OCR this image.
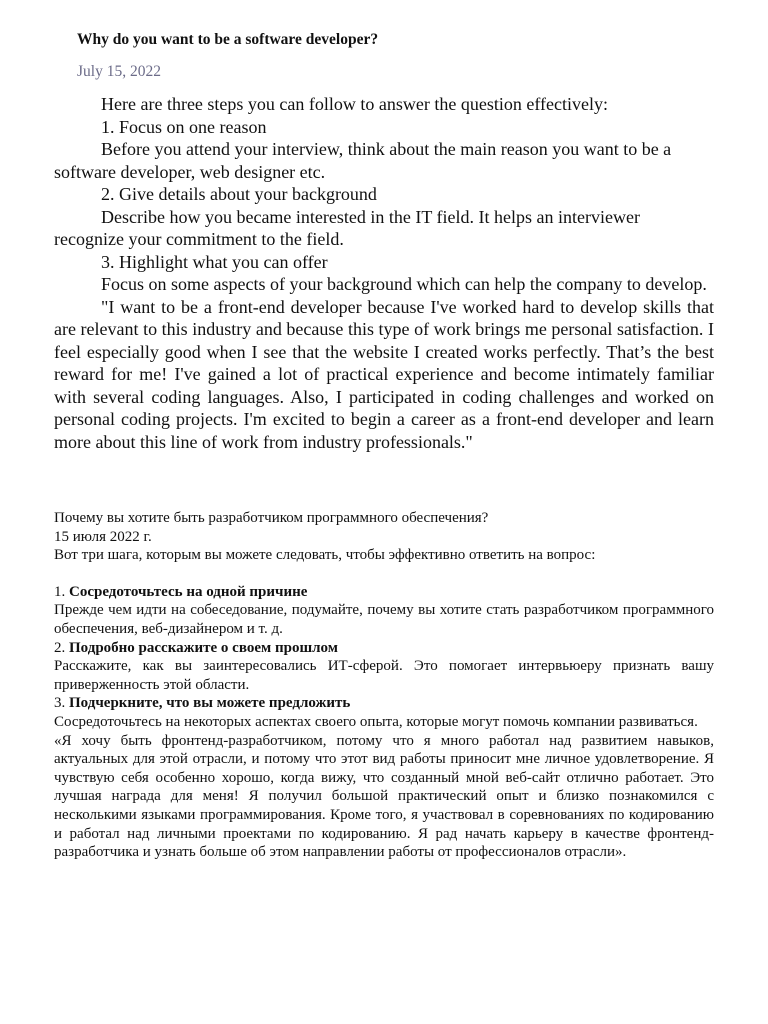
Why do you want to be a software developer?
July 15, 2022

Here are three steps you can follow to answer the question effectively:

1. Focus on one reason

Before you attend your interview, think about the main reason you want to be a software developer, web designer etc.

2. Give details about your background

Describe how you became interested in the IT field. It helps an interviewer recognize your commitment to the field.

3. Highlight what you can offer

Focus on some aspects of your background which can help the company to develop.

"I want to be a front-end developer because I've worked hard to develop skills that are relevant to this industry and because this type of work brings me personal satisfaction. I feel especially good when I see that the website I created works perfectly. That’s the best reward for me! I've gained a lot of practical experience and become intimately familiar with several coding languages. Also, I participated in coding challenges and worked on personal coding projects. I'm excited to begin a career as a front-end developer and learn more about this line of work from industry professionals."

Почему вы хотите быть разработчиком программного обеспечения?

15 июля 2022 г.

Вот три шага, которым вы можете следовать, чтобы эффективно ответить на вопрос:

1. Сосредоточьтесь на одной причине

Прежде чем идти на собеседование, подумайте, почему вы хотите стать разработчиком программного обеспечения, веб-дизайнером и т. д.

2. Подробно расскажите о своем прошлом

Расскажите, как вы заинтересовались ИТ-сферой. Это помогает интервьюеру признать вашу приверженность этой области.

3. Подчеркните, что вы можете предложить

Сосредоточьтесь на некоторых аспектах своего опыта, которые могут помочь компании развиваться.

«Я хочу быть фронтенд-разработчиком, потому что я много работал над развитием навыков, актуальных для этой отрасли, и потому что этот вид работы приносит мне личное удовлетворение. Я чувствую себя особенно хорошо, когда вижу, что созданный мной веб-сайт отлично работает. Это лучшая награда для меня! Я получил большой практический опыт и близко познакомился с несколькими языками программирования. Кроме того, я участвовал в соревнованиях по кодированию и работал над личными проектами по кодированию. Я рад начать карьеру в качестве фронтенд-разработчика и узнать больше об этом направлении работы от профессионалов отрасли».
